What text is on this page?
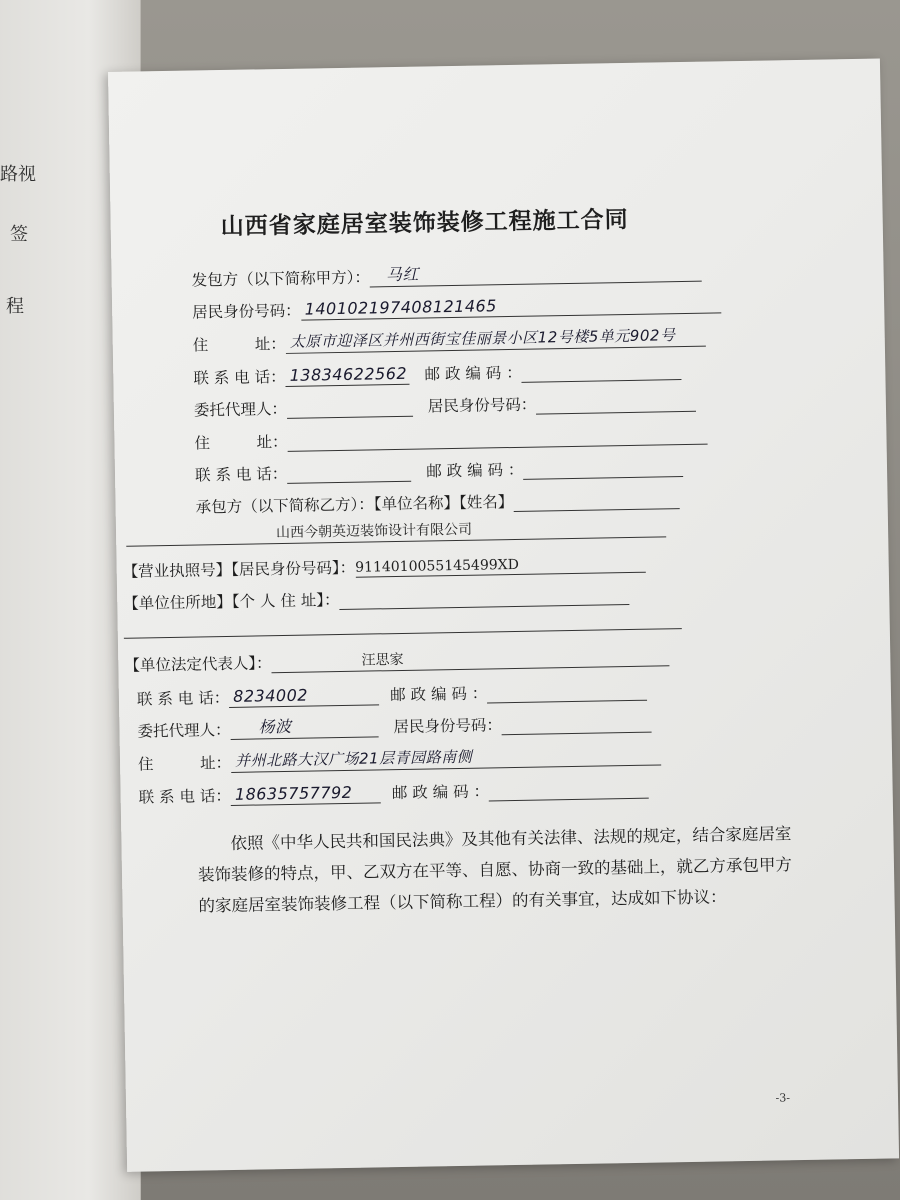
路视
签
程
山西省家庭居室装饰装修工程施工合同
发包方（以下简称甲方）： 马红
居民身份号码： 140102197408121465
住　　　址： 太原市迎泽区并州西街宝佳丽景小区12号楼5单元902号
联 系 电 话： 13834622562 邮 政 编 码 ：
委托代理人：	居民身份号码：
住　　　址：
联 系 电 话：	邮 政 编 码 ：
承包方（以下简称乙方）：【单位名称】【姓名】
山西今朝英迈装饰设计有限公司
【营业执照号】【居民身份号码】： 9114010055145499XD
【单位住所地】【个 人 住 址】：
【单位法定代表人】：	汪思家
联 系 电 话： 8234002	邮 政 编 码 ：
委托代理人： 杨波	居民身份号码：
住　　　址： 并州北路大汉广场21层青园路南侧
联 系 电 话： 18635757792	邮 政 编 码 ：

依照《中华人民共和国民法典》及其他有关法律、法规的规定，结合家庭居室装饰装修的特点，甲、乙双方在平等、自愿、协商一致的基础上，就乙方承包甲方的家庭居室装饰装修工程（以下简称工程）的有关事宜，达成如下协议：

-3-
